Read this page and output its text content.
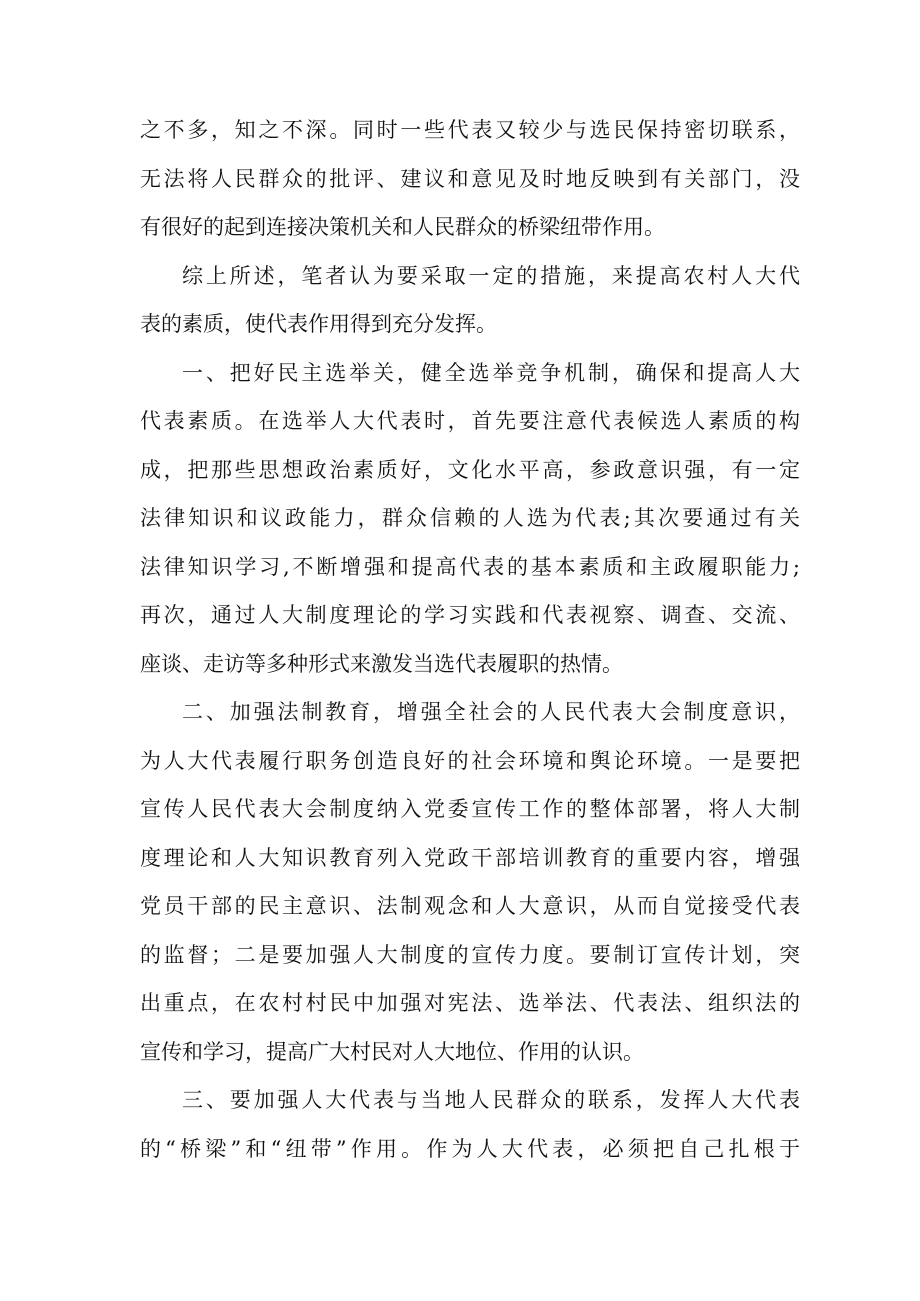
之不多，知之不深。同时一些代表又较少与选民保持密切联系，
无法将人民群众的批评、建议和意见及时地反映到有关部门，没
有很好的起到连接决策机关和人民群众的桥梁纽带作用。
综上所述，笔者认为要采取一定的措施，来提高农村人大代
表的素质，使代表作用得到充分发挥。
一、把好民主选举关，健全选举竞争机制，确保和提高人大
代表素质。在选举人大代表时，首先要注意代表候选人素质的构
成，把那些思想政治素质好，文化水平高，参政意识强，有一定
法律知识和议政能力，群众信赖的人选为代表;其次要通过有关
法律知识学习,不断增强和提高代表的基本素质和主政履职能力;
再次，通过人大制度理论的学习实践和代表视察、调查、交流、
座谈、走访等多种形式来激发当选代表履职的热情。
二、加强法制教育，增强全社会的人民代表大会制度意识，
为人大代表履行职务创造良好的社会环境和舆论环境。一是要把
宣传人民代表大会制度纳入党委宣传工作的整体部署，将人大制
度理论和人大知识教育列入党政干部培训教育的重要内容，增强
党员干部的民主意识、法制观念和人大意识，从而自觉接受代表
的监督；二是要加强人大制度的宣传力度。要制订宣传计划，突
出重点，在农村村民中加强对宪法、选举法、代表法、组织法的
宣传和学习，提高广大村民对人大地位、作用的认识。
三、要加强人大代表与当地人民群众的联系，发挥人大代表
的“桥梁”和“纽带”作用。作为人大代表，必须把自己扎根于
